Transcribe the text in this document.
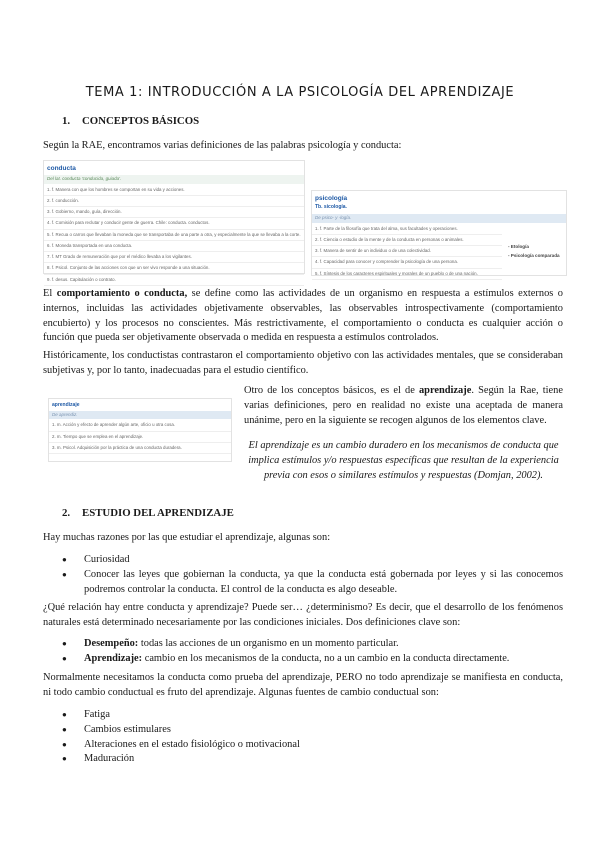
TEMA 1: INTRODUCCIÓN A LA PSICOLOGÍA DEL APRENDIZAJE
1. CONCEPTOS BÁSICOS

Según la RAE, encontramos varias definiciones de las palabras psicología y conducta:

conducta
Del lat. conducta 'conducida, guiada'.
1. f. Manera con que los hombres se comportan en su vida y acciones.
2. f. conducción.
3. f. Gobierno, mando, guía, dirección.
4. f. Comisión para reclutar y conducir gente de guerra. Chile: conducta. conductos.
5. f. Recua o carros que llevaban la moneda que se transportaba de una parte a otra, y especialmente la que se llevaba a la corte.
6. f. Moneda transportada en una conducta.
7. f. MT Grado de remuneración que por el médico llevaba a los vigilantes.
8. f. Psicol. Conjunto de las acciones con que un ser vivo responde a una situación.
9. f. desus. Capitulación o contrato.
psicología
Tb. sicología.
De psico- y -logía.
1. f. Parte de la filosofía que trata del alma, sus facultades y operaciones.
2. f. Ciencia o estudio de la mente y de la conducta en personas o animales.
3. f. Manera de sentir de un individuo o de una colectividad.
4. f. Capacidad para conocer y comprender la psicología de una persona.
5. f. Síntesis de los caracteres espirituales y morales de un pueblo o de una nación.
- Etología
- Psicología comparada

El comportamiento o conducta, se define como las actividades de un organismo en respuesta a estímulos externos o internos, incluidas las actividades objetivamente observables, las observables introspectivamente (comportamiento encubierto) y los procesos no conscientes. Más restrictivamente, el comportamiento o conducta es cualquier acción o función que pueda ser objetivamente observada o medida en respuesta a estímulos controlados.

Históricamente, los conductistas contrastaron el comportamiento objetivo con las actividades mentales, que se consideraban subjetivas y, por lo tanto, inadecuadas para el estudio científico.

aprendizaje
De aprendiz.
1. m. Acción y efecto de aprender algún arte, oficio u otra cosa.
2. m. Tiempo que se emplea en el aprendizaje.
3. m. Psicol. Adquisición por la práctica de una conducta duradera.

Otro de los conceptos básicos, es el de aprendizaje. Según la Rae, tiene varias definiciones, pero en realidad no existe una aceptada de manera unánime, pero en la siguiente se recogen algunos de los elementos clave.

El aprendizaje es un cambio duradero en los mecanismos de conducta que implica estímulos y/o respuestas específicas que resultan de la experiencia previa con esos o similares estímulos y respuestas (Domjan, 2002).

2. ESTUDIO DEL APRENDIZAJE

Hay muchas razones por las que estudiar el aprendizaje, algunas son:

● Curiosidad
● Conocer las leyes que gobiernan la conducta, ya que la conducta está gobernada por leyes y si las conocemos podremos controlar la conducta. El control de la conducta es algo deseable.

¿Qué relación hay entre conducta y aprendizaje? Puede ser… ¿determinismo? Es decir, que el desarrollo de los fenómenos naturales está determinado necesariamente por las condiciones iniciales. Dos definiciones clave son:

● Desempeño: todas las acciones de un organismo en un momento particular.
● Aprendizaje: cambio en los mecanismos de la conducta, no a un cambio en la conducta directamente.

Normalmente necesitamos la conducta como prueba del aprendizaje, PERO no todo aprendizaje se manifiesta en conducta, ni todo cambio conductual es fruto del aprendizaje. Algunas fuentes de cambio conductual son:

● Fatiga
● Cambios estimulares
● Alteraciones en el estado fisiológico o motivacional
● Maduración
